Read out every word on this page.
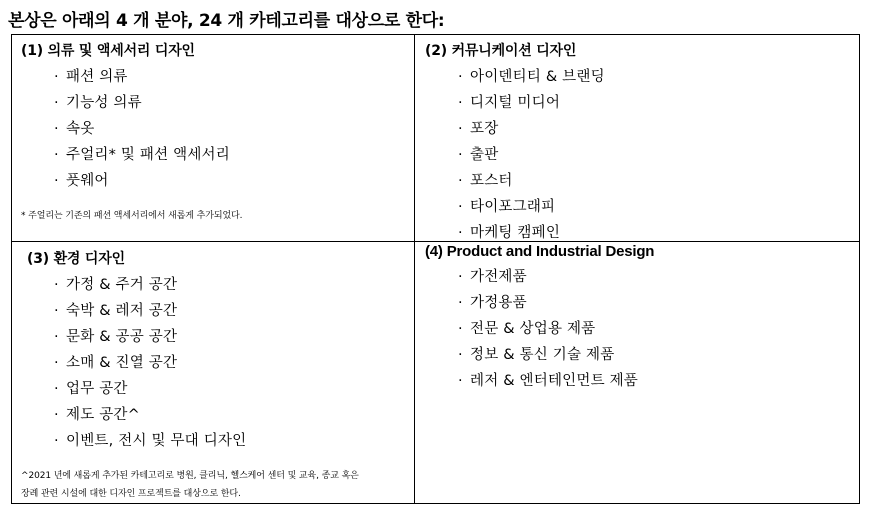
본상은 아래의 4 개 분야, 24 개 카테고리를 대상으로 한다:
(1) 의류 및 액세서리 디자인
· 패션 의류
· 기능성 의류
· 속옷
· 주얼리* 및 패션 액세서리
· 풋웨어
* 주얼리는 기존의 패션 액세서리에서 새롭게 추가되었다.
(2) 커뮤니케이션 디자인
· 아이덴티티 & 브랜딩
· 디지털 미디어
· 포장
· 출판
· 포스터
· 타이포그래피
· 마케팅 캠페인
(3) 환경 디자인
· 가정 & 주거 공간
· 숙박 & 레저 공간
· 문화 & 공공 공간
· 소매 & 진열 공간
· 업무 공간
· 제도 공간^
· 이벤트, 전시 및 무대 디자인
^2021 년에 새롭게 추가된 카테고리로 병원, 클리닉, 헬스케어 센터 및 교육, 종교 혹은
장례 관련 시설에 대한 디자인 프로젝트를 대상으로 한다.
(4) Product and Industrial Design
· 가전제품
· 가정용품
· 전문 & 상업용 제품
· 정보 & 통신 기술 제품
· 레저 & 엔터테인먼트 제품
